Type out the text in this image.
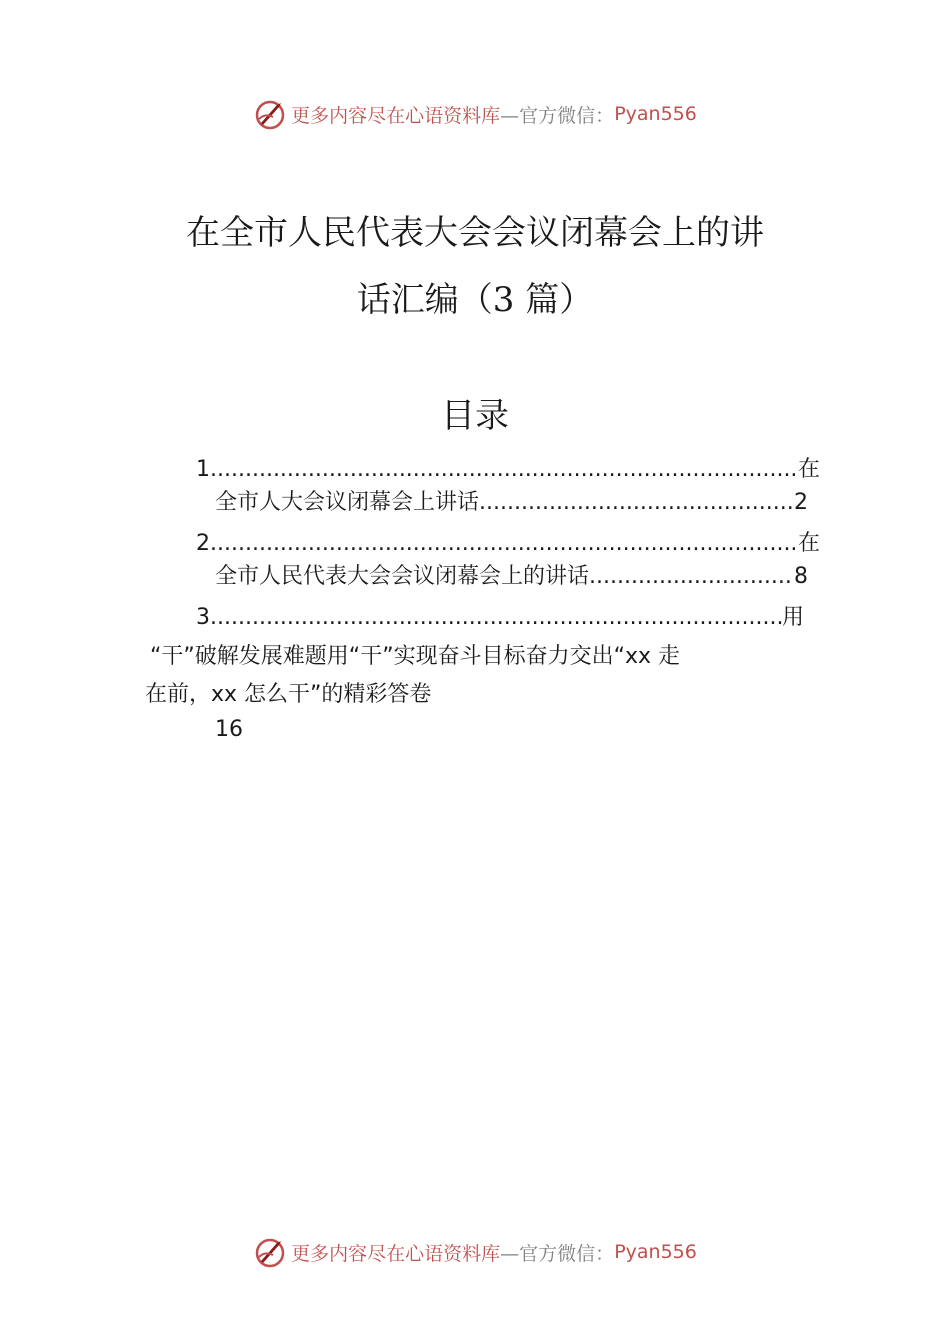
更多内容尽在心语资料库 —官方微信： Pyan556
在全市人民代表大会会议闭幕会上的讲
话汇编（3 篇）
目录
1 .....	在
全市人大会议闭幕会上讲话 .....	2
2 .....	在
全市人民代表大会会议闭幕会上的讲话 .....	8
3 .....	用
“干”破解发展难题用“干”实现奋斗目标奋力交出“xx 走
在前，xx 怎么干”的精彩答卷
16
更多内容尽在心语资料库 —官方微信： Pyan556
